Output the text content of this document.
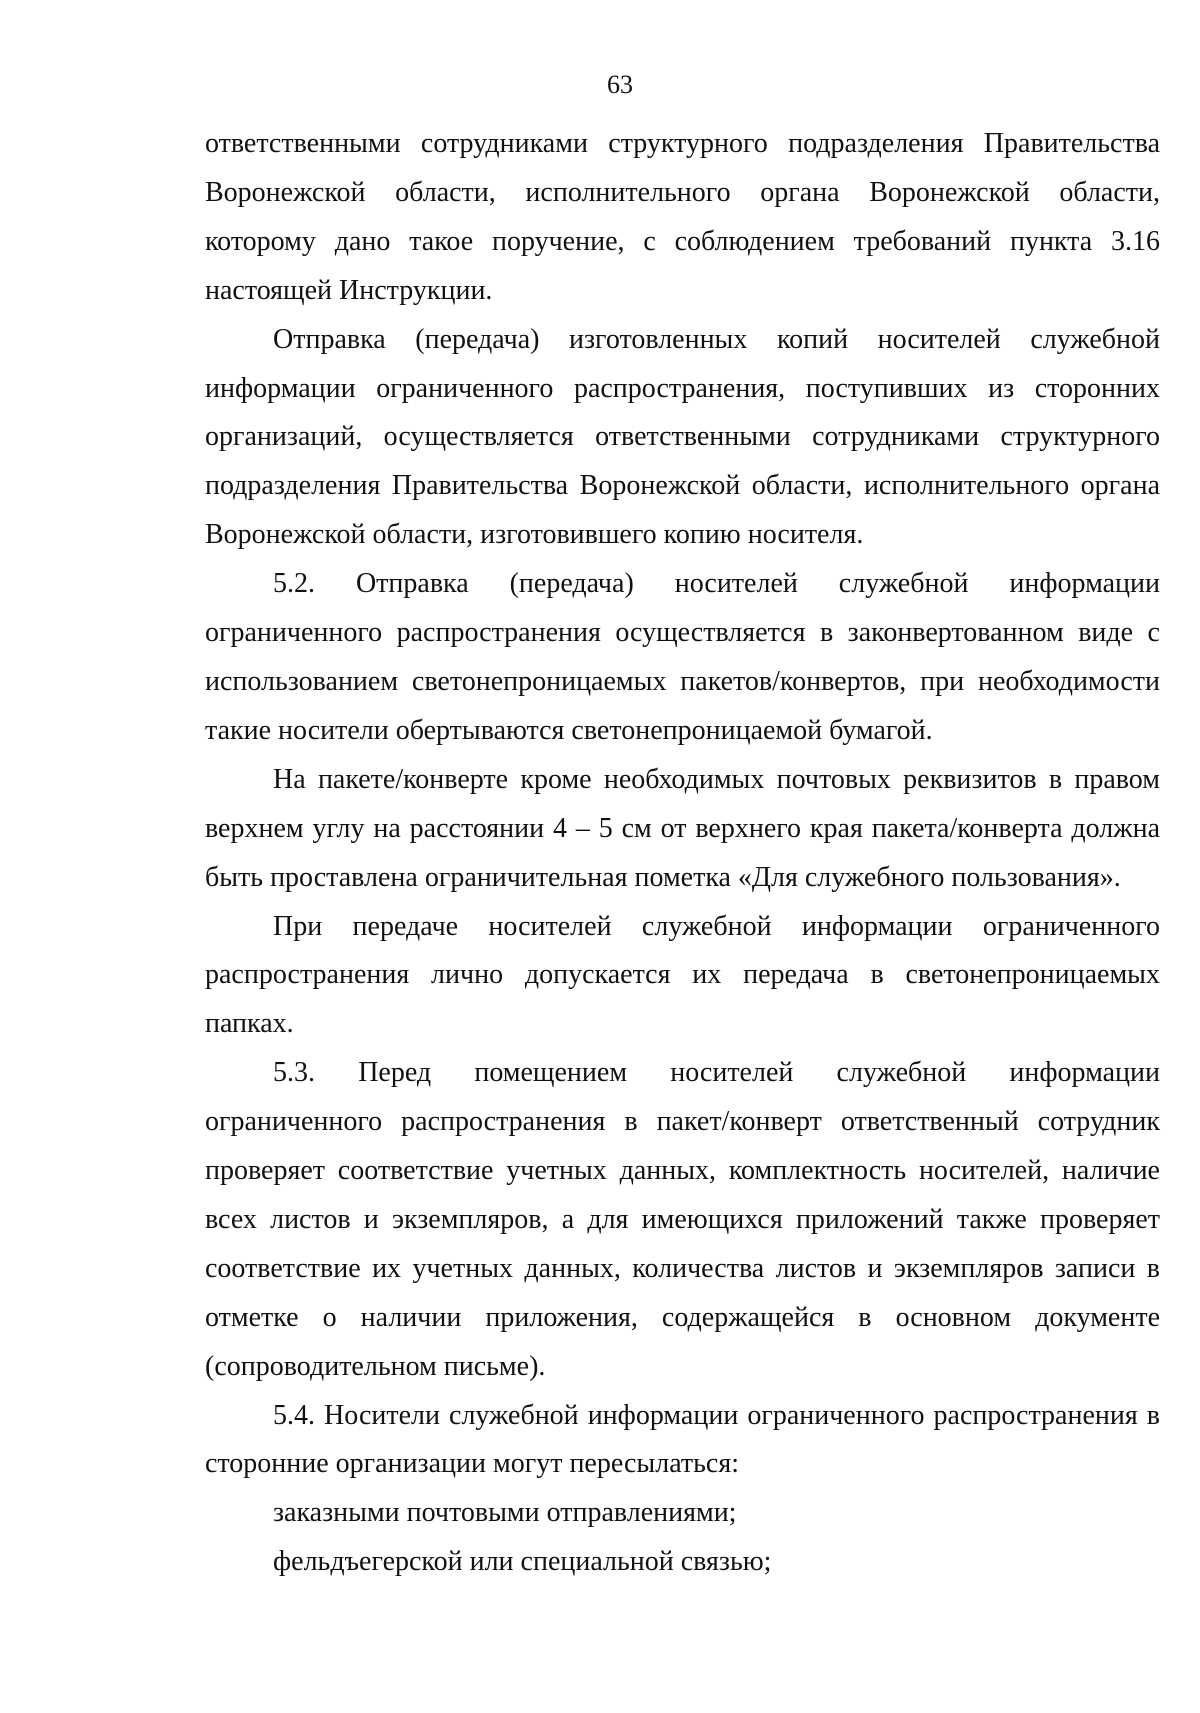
63

ответственными сотрудниками структурного подразделения Правительства Воронежской области, исполнительного органа Воронежской области, которому дано такое поручение, с соблюдением требований пункта 3.16 настоящей Инструкции.

Отправка (передача) изготовленных копий носителей служебной информации ограниченного распространения, поступивших из сторонних организаций, осуществляется ответственными сотрудниками структурного подразделения Правительства Воронежской области, исполнительного органа Воронежской области, изготовившего копию носителя.

5.2. Отправка (передача) носителей служебной информации ограниченного распространения осуществляется в законвертованном виде с использованием светонепроницаемых пакетов/конвертов, при необходимости такие носители обертываются светонепроницаемой бумагой.

На пакете/конверте кроме необходимых почтовых реквизитов в правом верхнем углу на расстоянии 4 – 5 см от верхнего края пакета/конверта должна быть проставлена ограничительная пометка «Для служебного пользования».

При передаче носителей служебной информации ограниченного распространения лично допускается их передача в светонепроницаемых папках.

5.3. Перед помещением носителей служебной информации ограниченного распространения в пакет/конверт ответственный сотрудник проверяет соответствие учетных данных, комплектность носителей, наличие всех листов и экземпляров, а для имеющихся приложений также проверяет соответствие их учетных данных, количества листов и экземпляров записи в отметке о наличии приложения, содержащейся в основном документе (сопроводительном письме).

5.4. Носители служебной информации ограниченного распространения в сторонние организации могут пересылаться:

заказными почтовыми отправлениями;

фельдъегерской или специальной связью;
